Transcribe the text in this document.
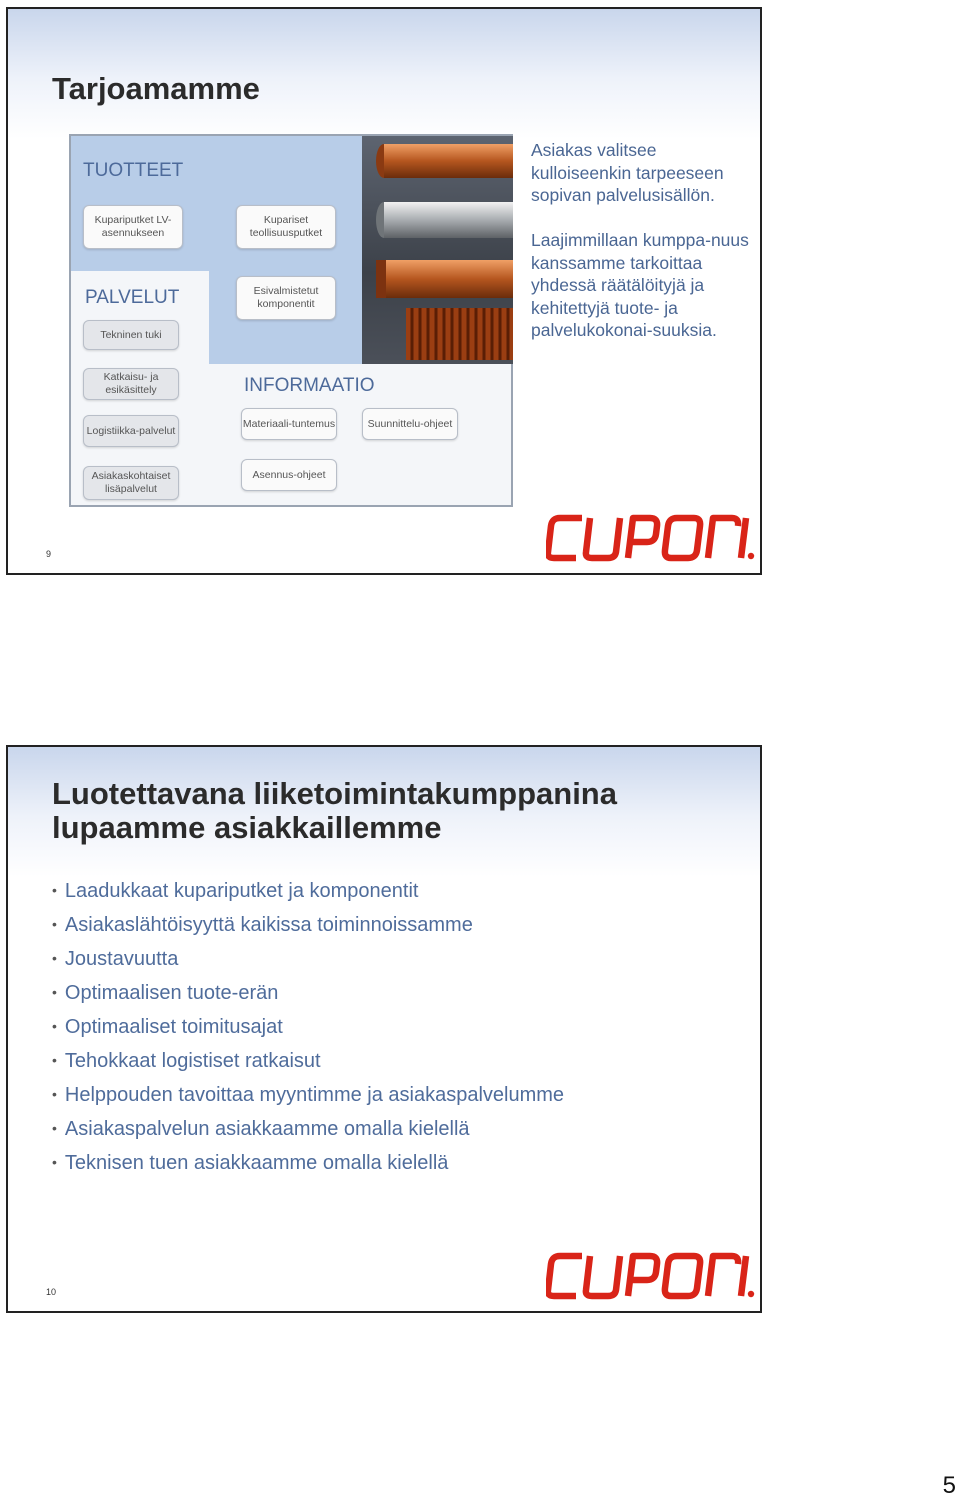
Tarjoamamme
TUOTTEET
PALVELUT
INFORMAATIO
Kupariputket LV-asennukseen
Kupariset teollisuusputket
Esivalmistetut komponentit
Tekninen tuki
Katkaisu- ja esikäsittely
Logistiikka-palvelut
Asiakaskohtaiset lisäpalvelut
Materiaali-tuntemus	Suunnittelu-ohjeet
Asennus-ohjeet
Asiakas valitsee kulloiseenkin tarpeeseen sopivan palvelusisällön.
Laajimmillaan kumppa-nuus kanssamme tarkoittaa yhdessä räätälöityjä ja kehitettyjä tuote- ja palvelukokonai-suuksia.
9
Luotettavana liiketoimintakumppanina lupaamme asiakkaillemme
• Laadukkaat kupariputket ja komponentit
• Asiakaslähtöisyyttä kaikissa toiminnoissamme
• Joustavuutta
• Optimaalisen tuote-erän
• Optimaaliset toimitusajat
• Tehokkaat logistiset ratkaisut
• Helppouden tavoittaa myyntimme ja asiakaspalvelumme
• Asiakaspalvelun asiakkaamme omalla kielellä
• Teknisen tuen asiakkaamme omalla kielellä
10
5
